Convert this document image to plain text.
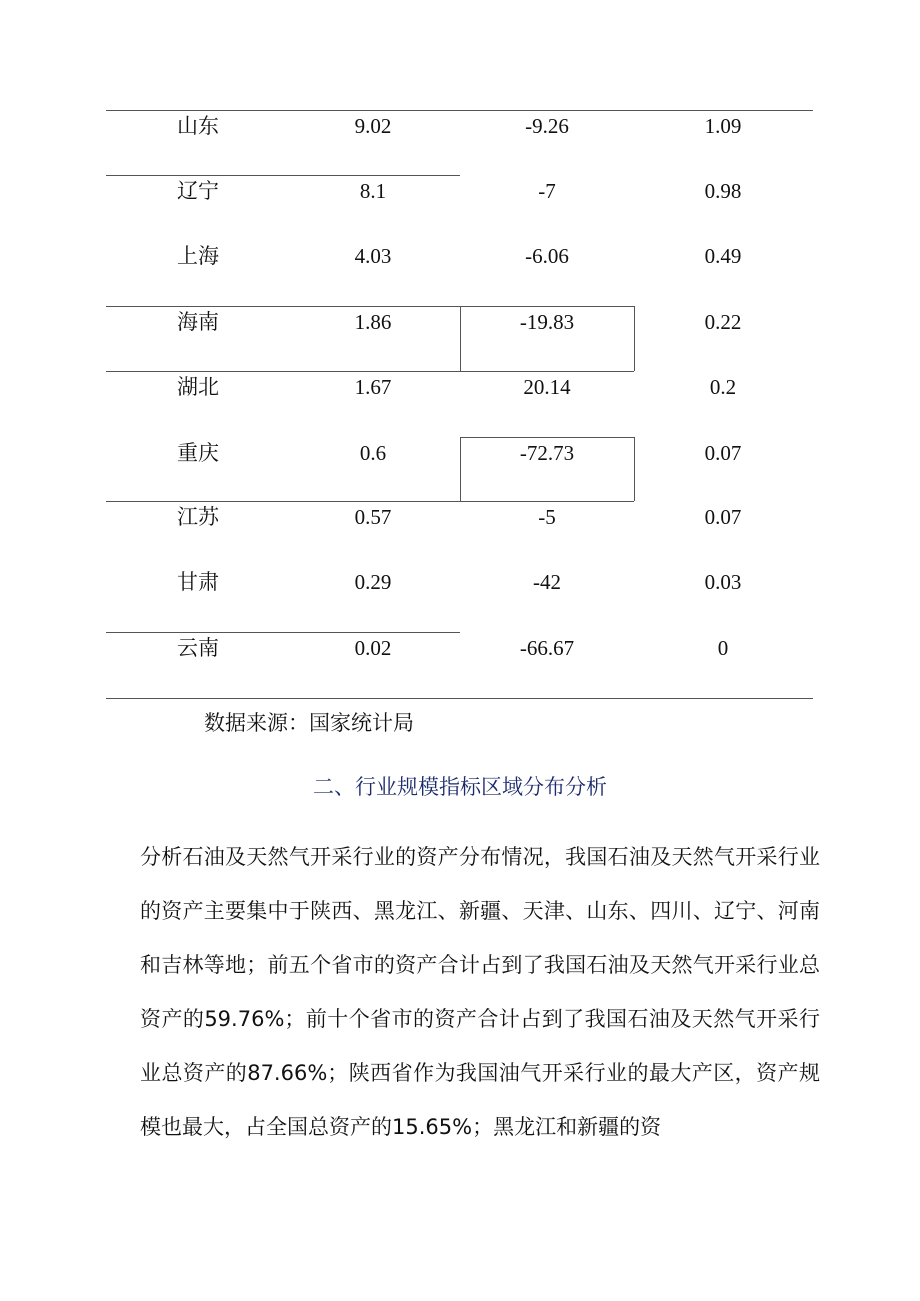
山东	9.02	-9.26	1.09
辽宁	8.1	-7	0.98
上海	4.03	-6.06	0.49
海南	1.86	-19.83	0.22
湖北	1.67	20.14	0.2
重庆	0.6	-72.73	0.07
江苏	0.57	-5	0.07
甘肃	0.29	-42	0.03
云南	0.02	-66.67	0
数据来源：国家统计局
二、行业规模指标区域分布分析

分析石油及天然气开采行业的资产分布情况，我国石油及天然气开采行业的资产主要集中于陕西、黑龙江、新疆、天津、山东、四川、辽宁、河南和吉林等地；前五个省市的资产合计占到了我国石油及天然气开采行业总资产的59.76%；前十个省市的资产合计占到了我国石油及天然气开采行业总资产的87.66%；陕西省作为我国油气开采行业的最大产区，资产规模也最大，占全国总资产的15.65%；黑龙江和新疆的资
